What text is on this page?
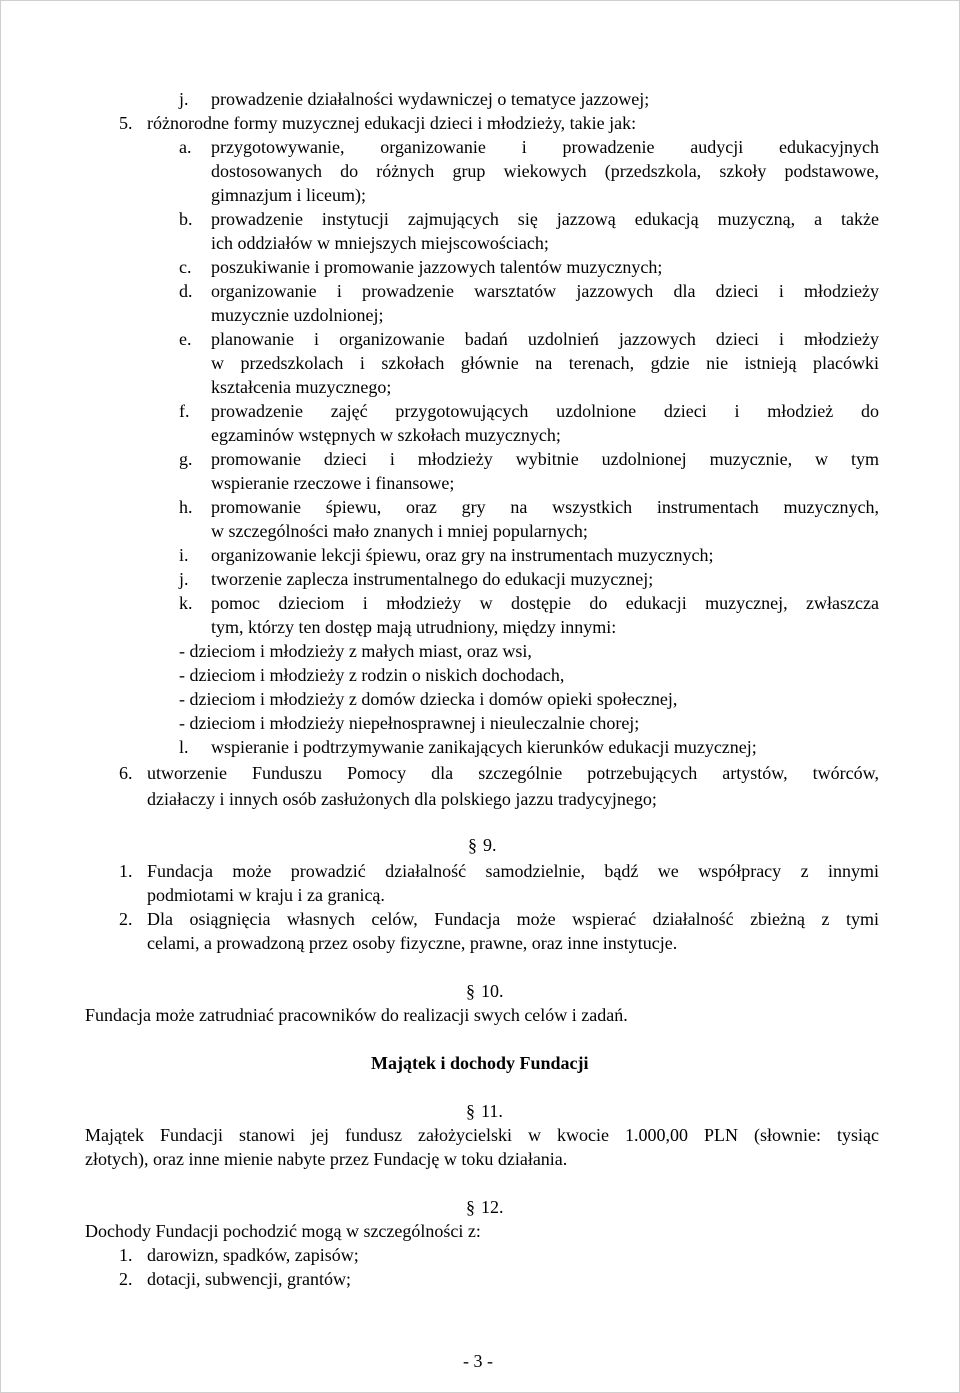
j. prowadzenie działalności wydawniczej o tematyce jazzowej;
5. różnorodne formy muzycznej edukacji dzieci i młodzieży, takie jak:
a. przygotowywanie, organizowanie i prowadzenie audycji edukacyjnych
dostosowanych do różnych grup wiekowych (przedszkola, szkoły podstawowe,
gimnazjum i liceum);
b. prowadzenie instytucji zajmujących się jazzową edukacją muzyczną, a także
ich oddziałów w mniejszych miejscowościach;
c. poszukiwanie i promowanie jazzowych talentów muzycznych;
d. organizowanie i prowadzenie warsztatów jazzowych dla dzieci i młodzieży
muzycznie uzdolnionej;
e. planowanie i organizowanie badań uzdolnień jazzowych dzieci i młodzieży
w przedszkolach i szkołach głównie na terenach, gdzie nie istnieją placówki
kształcenia muzycznego;
f. prowadzenie zajęć przygotowujących uzdolnione dzieci i młodzież do
egzaminów wstępnych w szkołach muzycznych;
g. promowanie dzieci i młodzieży wybitnie uzdolnionej muzycznie, w tym
wspieranie rzeczowe i finansowe;
h. promowanie śpiewu, oraz gry na wszystkich instrumentach muzycznych,
w szczególności mało znanych i mniej popularnych;
i. organizowanie lekcji śpiewu, oraz gry na instrumentach muzycznych;
j. tworzenie zaplecza instrumentalnego do edukacji muzycznej;
k. pomoc dzieciom i młodzieży w dostępie do edukacji muzycznej, zwłaszcza
tym, którzy ten dostęp mają utrudniony, między innymi:
- dzieciom i młodzieży z małych miast, oraz wsi,
- dzieciom i młodzieży z rodzin o niskich dochodach,
- dzieciom i młodzieży z domów dziecka i domów opieki społecznej,
- dzieciom i młodzieży niepełnosprawnej i nieuleczalnie chorej;
l. wspieranie i podtrzymywanie zanikających kierunków edukacji muzycznej;
6. utworzenie Funduszu Pomocy dla szczególnie potrzebujących artystów, twórców,
działaczy i innych osób zasłużonych dla polskiego jazzu tradycyjnego;
§ 9.
1. Fundacja może prowadzić działalność samodzielnie, bądź we współpracy z innymi
podmiotami w kraju i za granicą.
2. Dla osiągnięcia własnych celów, Fundacja może wspierać działalność zbieżną z tymi
celami, a prowadzoną przez osoby fizyczne, prawne, oraz inne instytucje.
§ 10.
Fundacja może zatrudniać pracowników do realizacji swych celów i zadań.
Majątek i dochody Fundacji
§ 11.
Majątek Fundacji stanowi jej fundusz założycielski w kwocie 1.000,00 PLN (słownie: tysiąc
złotych), oraz inne mienie nabyte przez Fundację w toku działania.
§ 12.
Dochody Fundacji pochodzić mogą w szczególności z:
1. darowizn, spadków, zapisów;
2. dotacji, subwencji, grantów;
- 3 -
